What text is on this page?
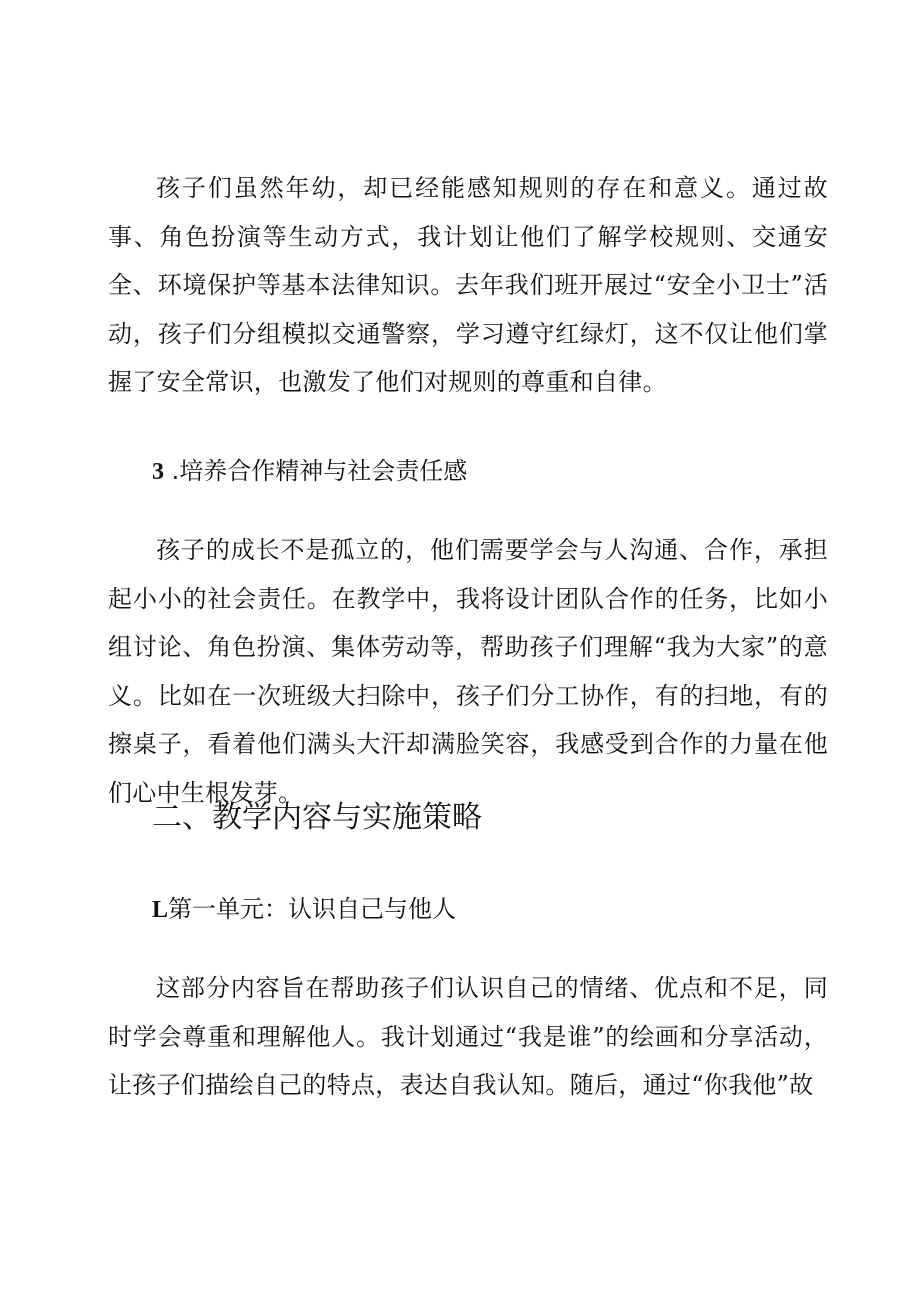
孩子们虽然年幼，却已经能感知规则的存在和意义。通过故事、角色扮演等生动方式，我计划让他们了解学校规则、交通安全、环境保护等基本法律知识。去年我们班开展过“安全小卫士”活动，孩子们分组模拟交通警察，学习遵守红绿灯，这不仅让他们掌握了安全常识，也激发了他们对规则的尊重和自律。

3 .培养合作精神与社会责任感

孩子的成长不是孤立的，他们需要学会与人沟通、合作，承担起小小的社会责任。在教学中，我将设计团队合作的任务，比如小组讨论、角色扮演、集体劳动等，帮助孩子们理解“我为大家”的意义。比如在一次班级大扫除中，孩子们分工协作，有的扫地，有的擦桌子，看着他们满头大汗却满脸笑容，我感受到合作的力量在他们心中生根发芽。

二、教学内容与实施策略
L第一单元：认识自己与他人

这部分内容旨在帮助孩子们认识自己的情绪、优点和不足，同时学会尊重和理解他人。我计划通过“我是谁”的绘画和分享活动，让孩子们描绘自己的特点，表达自我认知。随后，通过“你我他”故
